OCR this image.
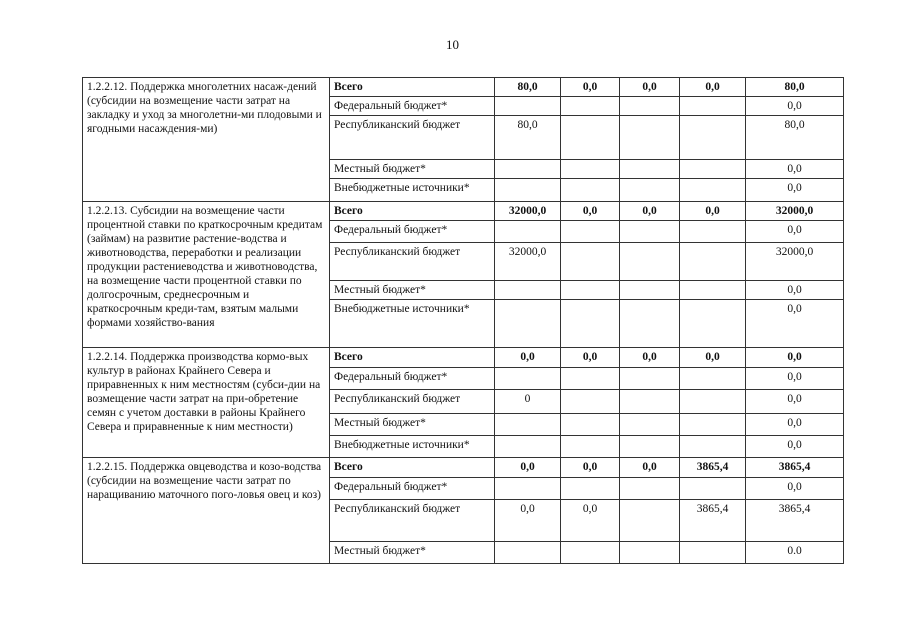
10
1.2.2.12. Поддержка многолетних насаж-дений (субсидии на возмещение части затрат на закладку и уход за многолетни-ми плодовыми и ягодными насаждения-ми)	Всего	80,0	0,0	0,0	0,0	80,0
	Федеральный бюджет*					0,0
	Республиканский бюджет	80,0				80,0
	Местный бюджет*					0,0
	Внебюджетные источники*					0,0
1.2.2.13. Субсидии на возмещение части процентной ставки по краткосрочным кредитам (займам) на развитие растение-водства и животноводства, переработки и реализации продукции растениеводства и животноводства, на возмещение части процентной ставки по долгосрочным, среднесрочным и краткосрочным креди-там, взятым малыми формами хозяйство-вания	Всего	32000,0	0,0	0,0	0,0	32000,0
	Федеральный бюджет*					0,0
	Республиканский бюджет	32000,0				32000,0
	Местный бюджет*					0,0
	Внебюджетные источники*					0,0
1.2.2.14. Поддержка производства кормо-вых культур в районах Крайнего Севера и приравненных к ним местностям (субси-дии на возмещение части затрат на при-обретение семян с учетом доставки в районы Крайнего Севера и приравненные к ним местности)	Всего	0,0	0,0	0,0	0,0	0,0
	Федеральный бюджет*					0,0
	Республиканский бюджет	0				0,0
	Местный бюджет*					0,0
	Внебюджетные источники*					0,0
1.2.2.15. Поддержка овцеводства и козо-водства (субсидии на возмещение части затрат по наращиванию маточного пого-ловья овец и коз)	Всего	0,0	0,0	0,0	3865,4	3865,4
	Федеральный бюджет*					0,0
	Республиканский бюджет	0,0	0,0		3865,4	3865,4
	Местный бюджет*					0.0
